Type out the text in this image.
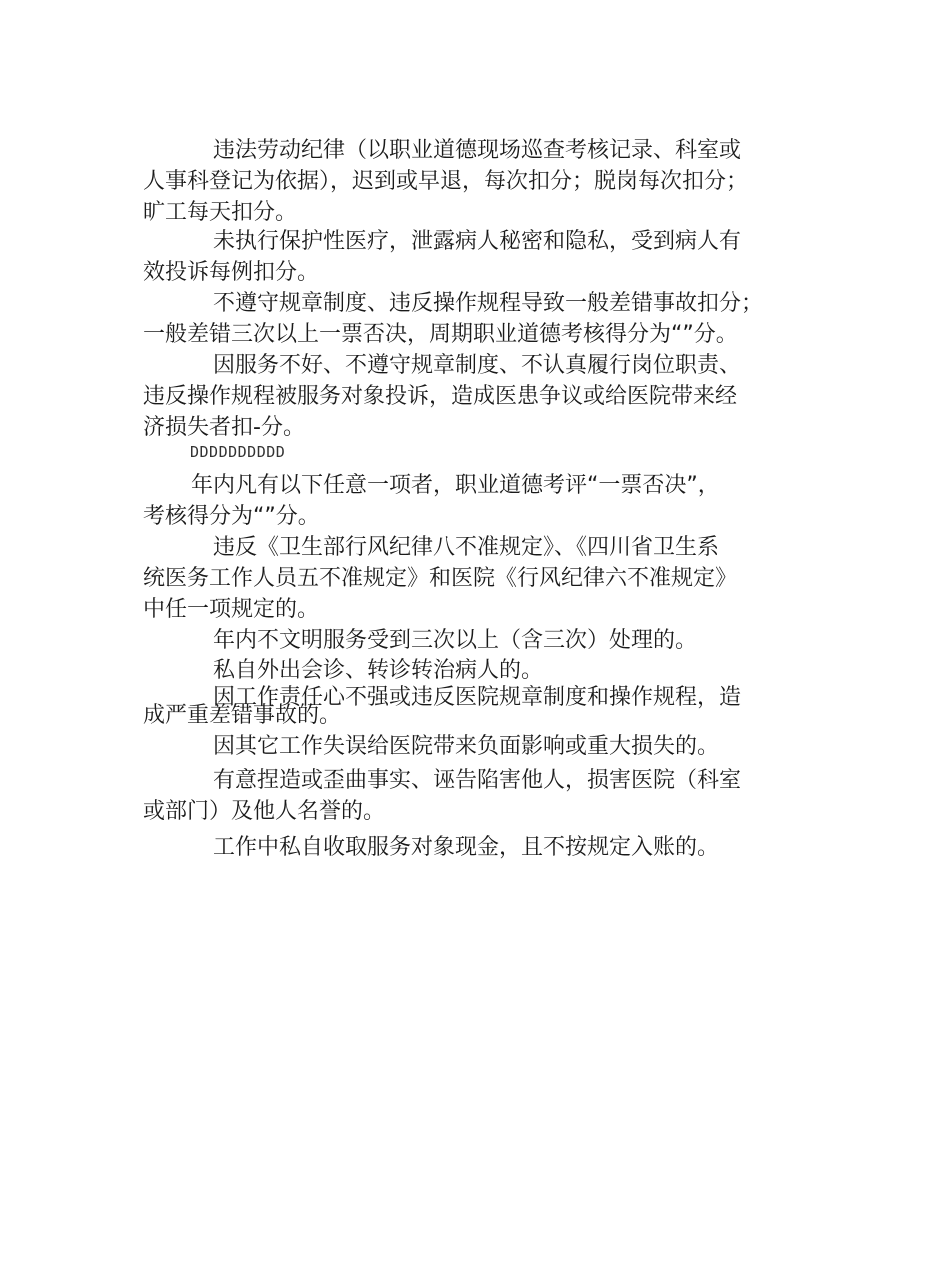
违法劳动纪律（以职业道德现场巡查考核记录、科室或
人事科登记为依据），迟到或早退，每次扣分；脱岗每次扣分；
旷工每天扣分。

未执行保护性医疗，泄露病人秘密和隐私，受到病人有
效投诉每例扣分。

不遵守规章制度、违反操作规程导致一般差错事故扣分；
一般差错三次以上一票否决，周期职业道德考核得分为“”分。

因服务不好、不遵守规章制度、不认真履行岗位职责、
违反操作规程被服务对象投诉，造成医患争议或给医院带来经
济损失者扣-分。

DDDDDDDDDD

年内凡有以下任意一项者，职业道德考评“一票否决”，
考核得分为“”分。

违反《卫生部行风纪律八不准规定》、《四川省卫生系
统医务工作人员五不准规定》和医院《行风纪律六不准规定》
中任一项规定的。

年内不文明服务受到三次以上（含三次）处理的。

私自外出会诊、转诊转治病人的。

因工作责任心不强或违反医院规章制度和操作规程，造
成严重差错事故的。

因其它工作失误给医院带来负面影响或重大损失的。

有意捏造或歪曲事实、诬告陷害他人，损害医院（科室
或部门）及他人名誉的。

工作中私自收取服务对象现金，且不按规定入账的。
